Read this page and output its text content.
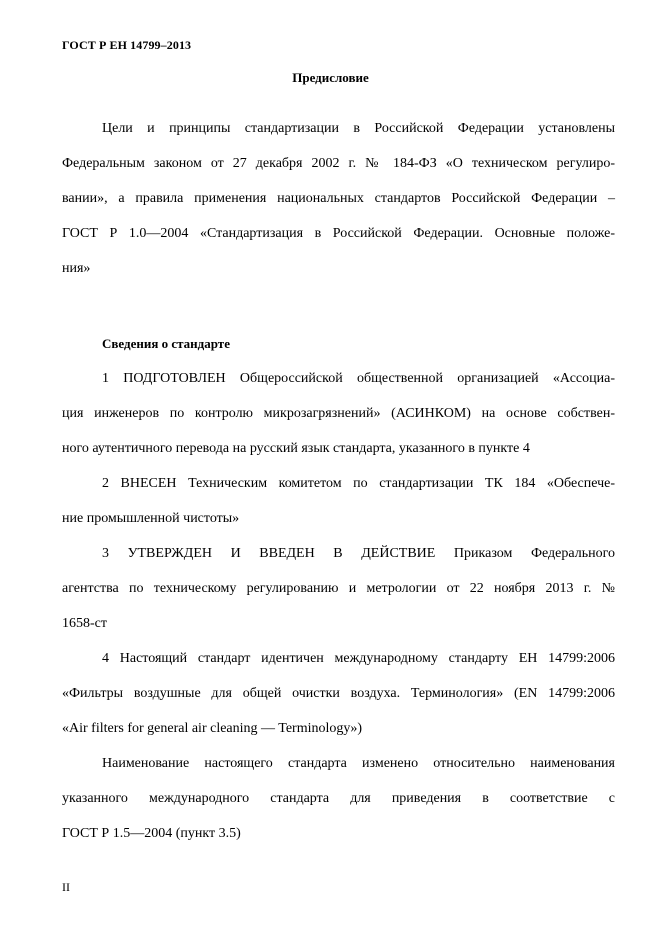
ГОСТ Р ЕН 14799–2013
Предисловие
Цели и принципы стандартизации в Российской Федерации установлены
Федеральным законом от 27 декабря 2002 г. № 184-ФЗ «О техническом регулиро-
вании», а правила применения национальных стандартов Российской Федерации –
ГОСТ Р 1.0—2004 «Стандартизация в Российской Федерации. Основные положе-
ния»
Сведения о стандарте
1 ПОДГОТОВЛЕН Общероссийской общественной организацией «Ассоциа-
ция инженеров по контролю микрозагрязнений» (АСИНКОМ) на основе собствен-
ного аутентичного перевода на русский язык стандарта, указанного в пункте 4
2 ВНЕСЕН Техническим комитетом по стандартизации ТК 184 «Обеспече-
ние промышленной чистоты»
3 УТВЕРЖДЕН И ВВЕДЕН В ДЕЙСТВИЕ Приказом Федерального
агентства по техническому регулированию и метрологии от 22 ноября 2013 г. №
1658-ст
4 Настоящий стандарт идентичен международному стандарту ЕН 14799:2006
«Фильтры воздушные для общей очистки воздуха. Терминология» (EN 14799:2006
«Air filters for general air cleaning — Terminology»)
Наименование настоящего стандарта изменено относительно наименования
указанного международного стандарта для приведения в соответствие с
ГОСТ Р 1.5—2004 (пункт 3.5)
II
